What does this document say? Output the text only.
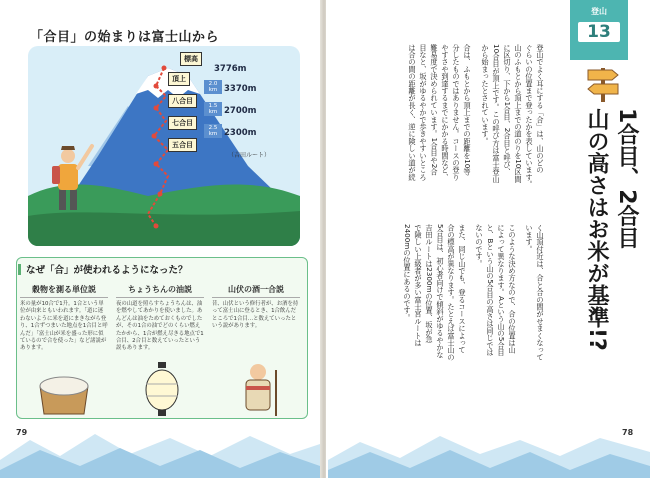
「合目」の始まりは富士山から
標高
3776m
頂上
八合目
七合目
五合目
2.0 km
1.5 km
2.5 km
3370m
2700m
2300m
（吉田ルート）
なぜ「合」が使われるようになった？
穀物を測る単位説
米の量が10合で1升。1合という単位が由来ともいわれます。「道に迷わないように米を道にまきながら登り、1合ずつまいた地点を1合目と呼んだ」「富士山が米を盛った形に似ているので合を使った」など諸説があります。
ちょうちんの油説
夜の山道を照らすちょうちんは、油を燃やしてあかりを使いました。あんどんは油をためておくものでしたが、その1合の油でどのくらい燃えたかから、1合が燃え尽きる地点で1合目、2合目と数えていったという説もあります。
山伏の酒一合説
昔、山伏という修行者が、お酒を持って富士山に登るとき、1合飲んだところで1合目…と数えていったという説があります。
登山
13
1合目、2合目
山の高さはお米が基準!?
登山でよく耳にする「合」は、山のどの
ぐらいの位置まで登ったかを表しています。
山のふもとから頂上までの道のりを10区間
に区切り、下から1合目、2合目と呼び、
10合目が頂上です。この呼び方は富士登山
から始まったとされています。
合は、ふもとから頂上までの距離を10等
分したものではありません。コースの登り
やすさや到達するまでにかかる時間など、
難易度で決められています。1合目や2合
目なと、坂がゆるやかで歩きやすいところ
は合の間の距離が長く、逆に険しい道が続
く山頂付近は、合と合の間がせまくなって
います。
このような決め方なので、合の位置は山
によって異なります。Aという山の5合目
と、Bという山の5合目の高さは同じでは
ないのです。
また、同じ山でも、登るコースによって
合の標高が異なります。たとえば富士山の
5合目は、初心者向けで傾斜がゆるやかな
吉田ルートは2300mの位置、坂が急
で険しい上級者が多い富士宮ルートは
2400mの位置にあるのです。
79	78
